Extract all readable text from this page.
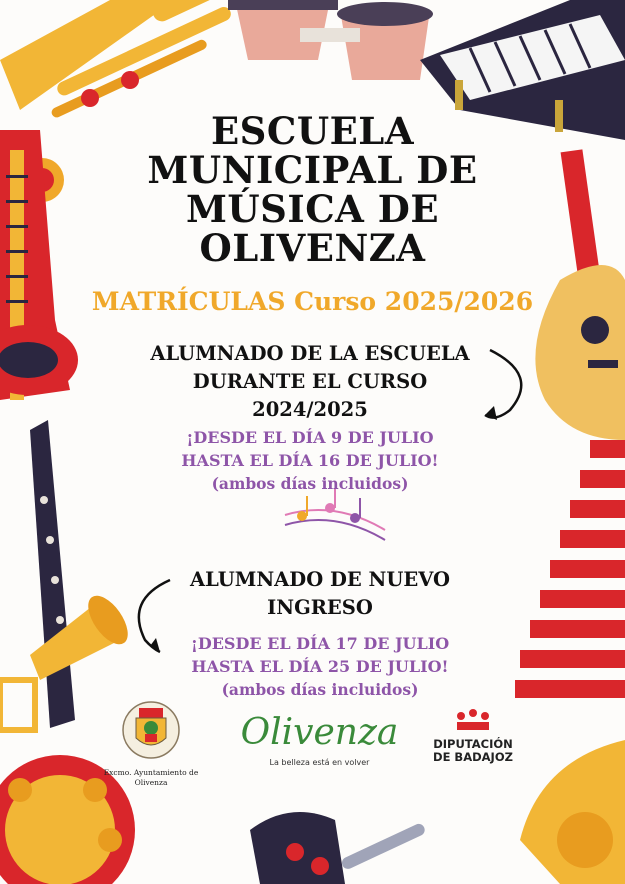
ESCUELA
MUNICIPAL DE
MÚSICA DE
OLIVENZA
MATRÍCULAS Curso 2025/2026
ALUMNADO DE LA ESCUELA
DURANTE EL CURSO
2024/2025
¡DESDE EL DÍA 9 DE JULIO
HASTA EL DÍA 16 DE JULIO!
(ambos días incluidos)
ALUMNADO DE NUEVO
INGRESO
¡DESDE EL DÍA 17 DE JULIO
HASTA EL DÍA 25 DE JULIO!
(ambos días incluidos)
Excmo. Ayuntamiento de
Olivenza
Olivenza
La belleza está en volver
DIPUTACIÓN
DE BADAJOZ
